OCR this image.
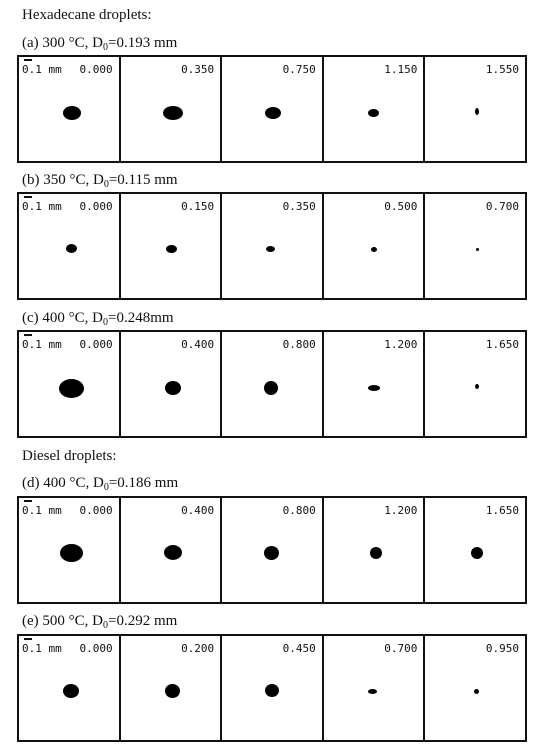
Hexadecane droplets:
(a) 300 °C, $D_0=0.193$ mm
0.1 mm 0.000	0.350	0.750	1.150	1.550
(b) 350 °C, $D_0=0.115$ mm
0.1 mm 0.000	0.150	0.350	0.500	0.700
(c) 400 °C, $D_0=0.248mm$
0.1 mm 0.000	0.400	0.800	1.200	1.650
Diesel droplets:
(d) 400 °C, $D_0=0.186$ mm
0.1 mm 0.000	0.400	0.800	1.200	1.650
(e) 500 °C, $D_0=0.292$ mm
0.1 mm 0.000	0.200	0.450	0.700	0.950
